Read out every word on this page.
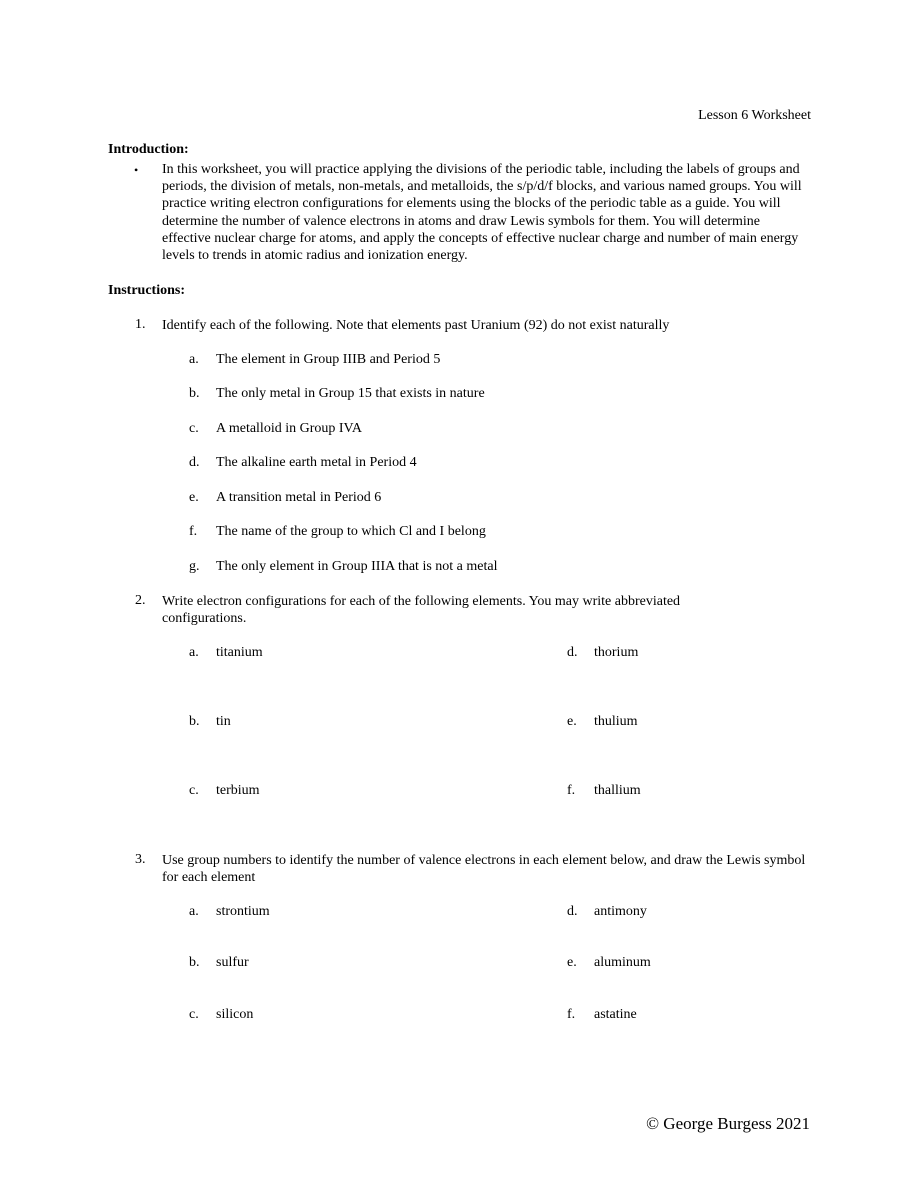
Lesson 6 Worksheet
Introduction:
• In this worksheet, you will practice applying the divisions of the periodic table, including the labels of groups and periods, the division of metals, non-metals, and metalloids, the s/p/d/f blocks, and various named groups. You will practice writing electron configurations for elements using the blocks of the periodic table as a guide. You will determine the number of valence electrons in atoms and draw Lewis symbols for them. You will determine effective nuclear charge for atoms, and apply the concepts of effective nuclear charge and number of main energy levels to trends in atomic radius and ionization energy.
Instructions:
1. Identify each of the following. Note that elements past Uranium (92) do not exist naturally
a.	The element in Group IIIB and Period 5
b.	The only metal in Group 15 that exists in nature
c.	A metalloid in Group IVA
d.	The alkaline earth metal in Period 4
e.	A transition metal in Period 6
f.	The name of the group to which Cl and I belong
g.	The only element in Group IIIA that is not a metal
2. Write electron configurations for each of the following elements. You may write abbreviated configurations.
a.	titanium
b.	tin
c.	terbium
d.	thorium
e.	thulium
f.	thallium
3. Use group numbers to identify the number of valence electrons in each element below, and draw the Lewis symbol for each element
a.	strontium
b.	sulfur
c.	silicon
d.	antimony
e.	aluminum
f.	astatine
© George Burgess 2021
